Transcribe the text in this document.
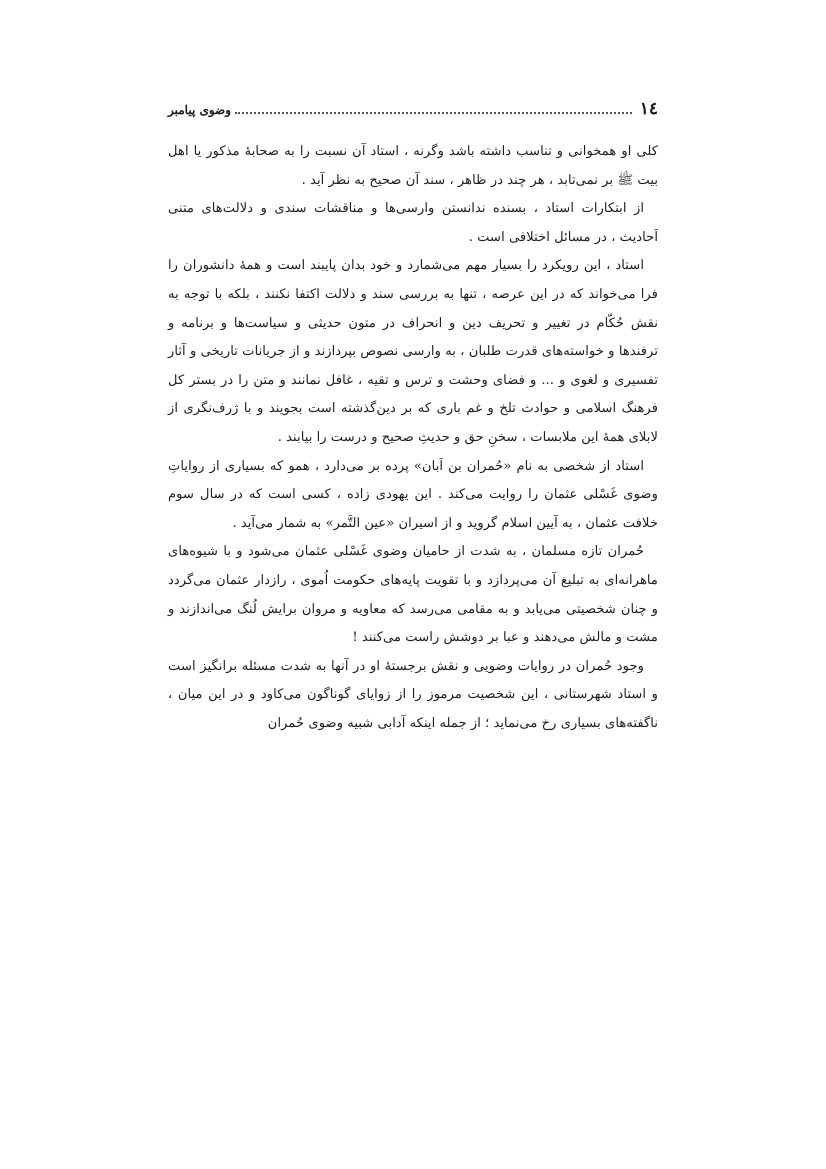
١٤
وضوی پیامبر

کلی او همخوانی و تناسب داشته باشد وگرنه ، استاد آن نسبت را به صحابهٔ مذکور یا اهل بیت ﷺ بر نمی‌تابد ، هر چند در ظاهر ، سند آن صحیح به نظر آید .

از ابتکارات استاد ، بسنده ندانستن وارسی‌ها و مناقشات سندی و دلالت‌های متنی اَحادیث ، در مسائل اختلافی است .

استاد ، این رویکرد را بسیار مهم می‌شمارد و خود بدان پایبند است و همهٔ دانشوران را فرا می‌خواند که در این عرصه ، تنها به بررسی سند و دلالت اکتفا نکنند ، بلکه با توجه به نقش حُکّام در تغییر و تحریف دین و انحراف در متون حدیثی و سیاست‌ها و برنامه و ترفندها و خواسته‌های قدرت طلبان ، به وارسی نصوص بپردازند و از جریانات تاریخی و آثار تفسیری و لغوی و ... و فضای وحشت و ترس و تقیه ، غافل نمانند و متن را در بستر کل فرهنگ اسلامی و حوادث تلخ و غم باری که بر دین‌گذشته است بجویند و با ژرف‌نگری از لابلای همهٔ این ملابسات ، سخنِ حق و حدیثِ صحیح و درست را بیابند .

استاد از شخصی به نام «حُمران بن اَبان» پرده بر می‌دارد ، همو که بسیاری از روایاتِ وضوی غَسْلی عثمان را روایت می‌کند . این یهودی زاده ، کسی است که در سال سوم خلافت عثمان ، به آیین اسلام گروید و از اسیران «عین التَّمر» به شمار می‌آید .

حُمران تازه مسلمان ، به شدت از حامیان وضوی غَسْلی عثمان می‌شود و با شیوه‌های ماهرانه‌ای به تبلیغ آن می‌پردازد و با تقویت پایه‌های حکومت اُموی ، رازدار عثمان می‌گردد و چنان شخصیتی می‌یابد و به مقامی می‌رسد که معاویه و مروان برایش لُنگ می‌اندازند و مشت و مالش می‌دهند و عبا بر دوشش راست می‌کنند !

وجود حُمران در روایات وضویی و نقش برجستهٔ او در آنها به شدت مسئله برانگیز است و استاد شهرستانی ، این شخصیت مرموز را از زوایای گوناگون می‌کاود و در این میان ، ناگفته‌های بسیاری رخ می‌نماید ؛ از جمله اینکه آدابی شبیه وضوی حُمران
